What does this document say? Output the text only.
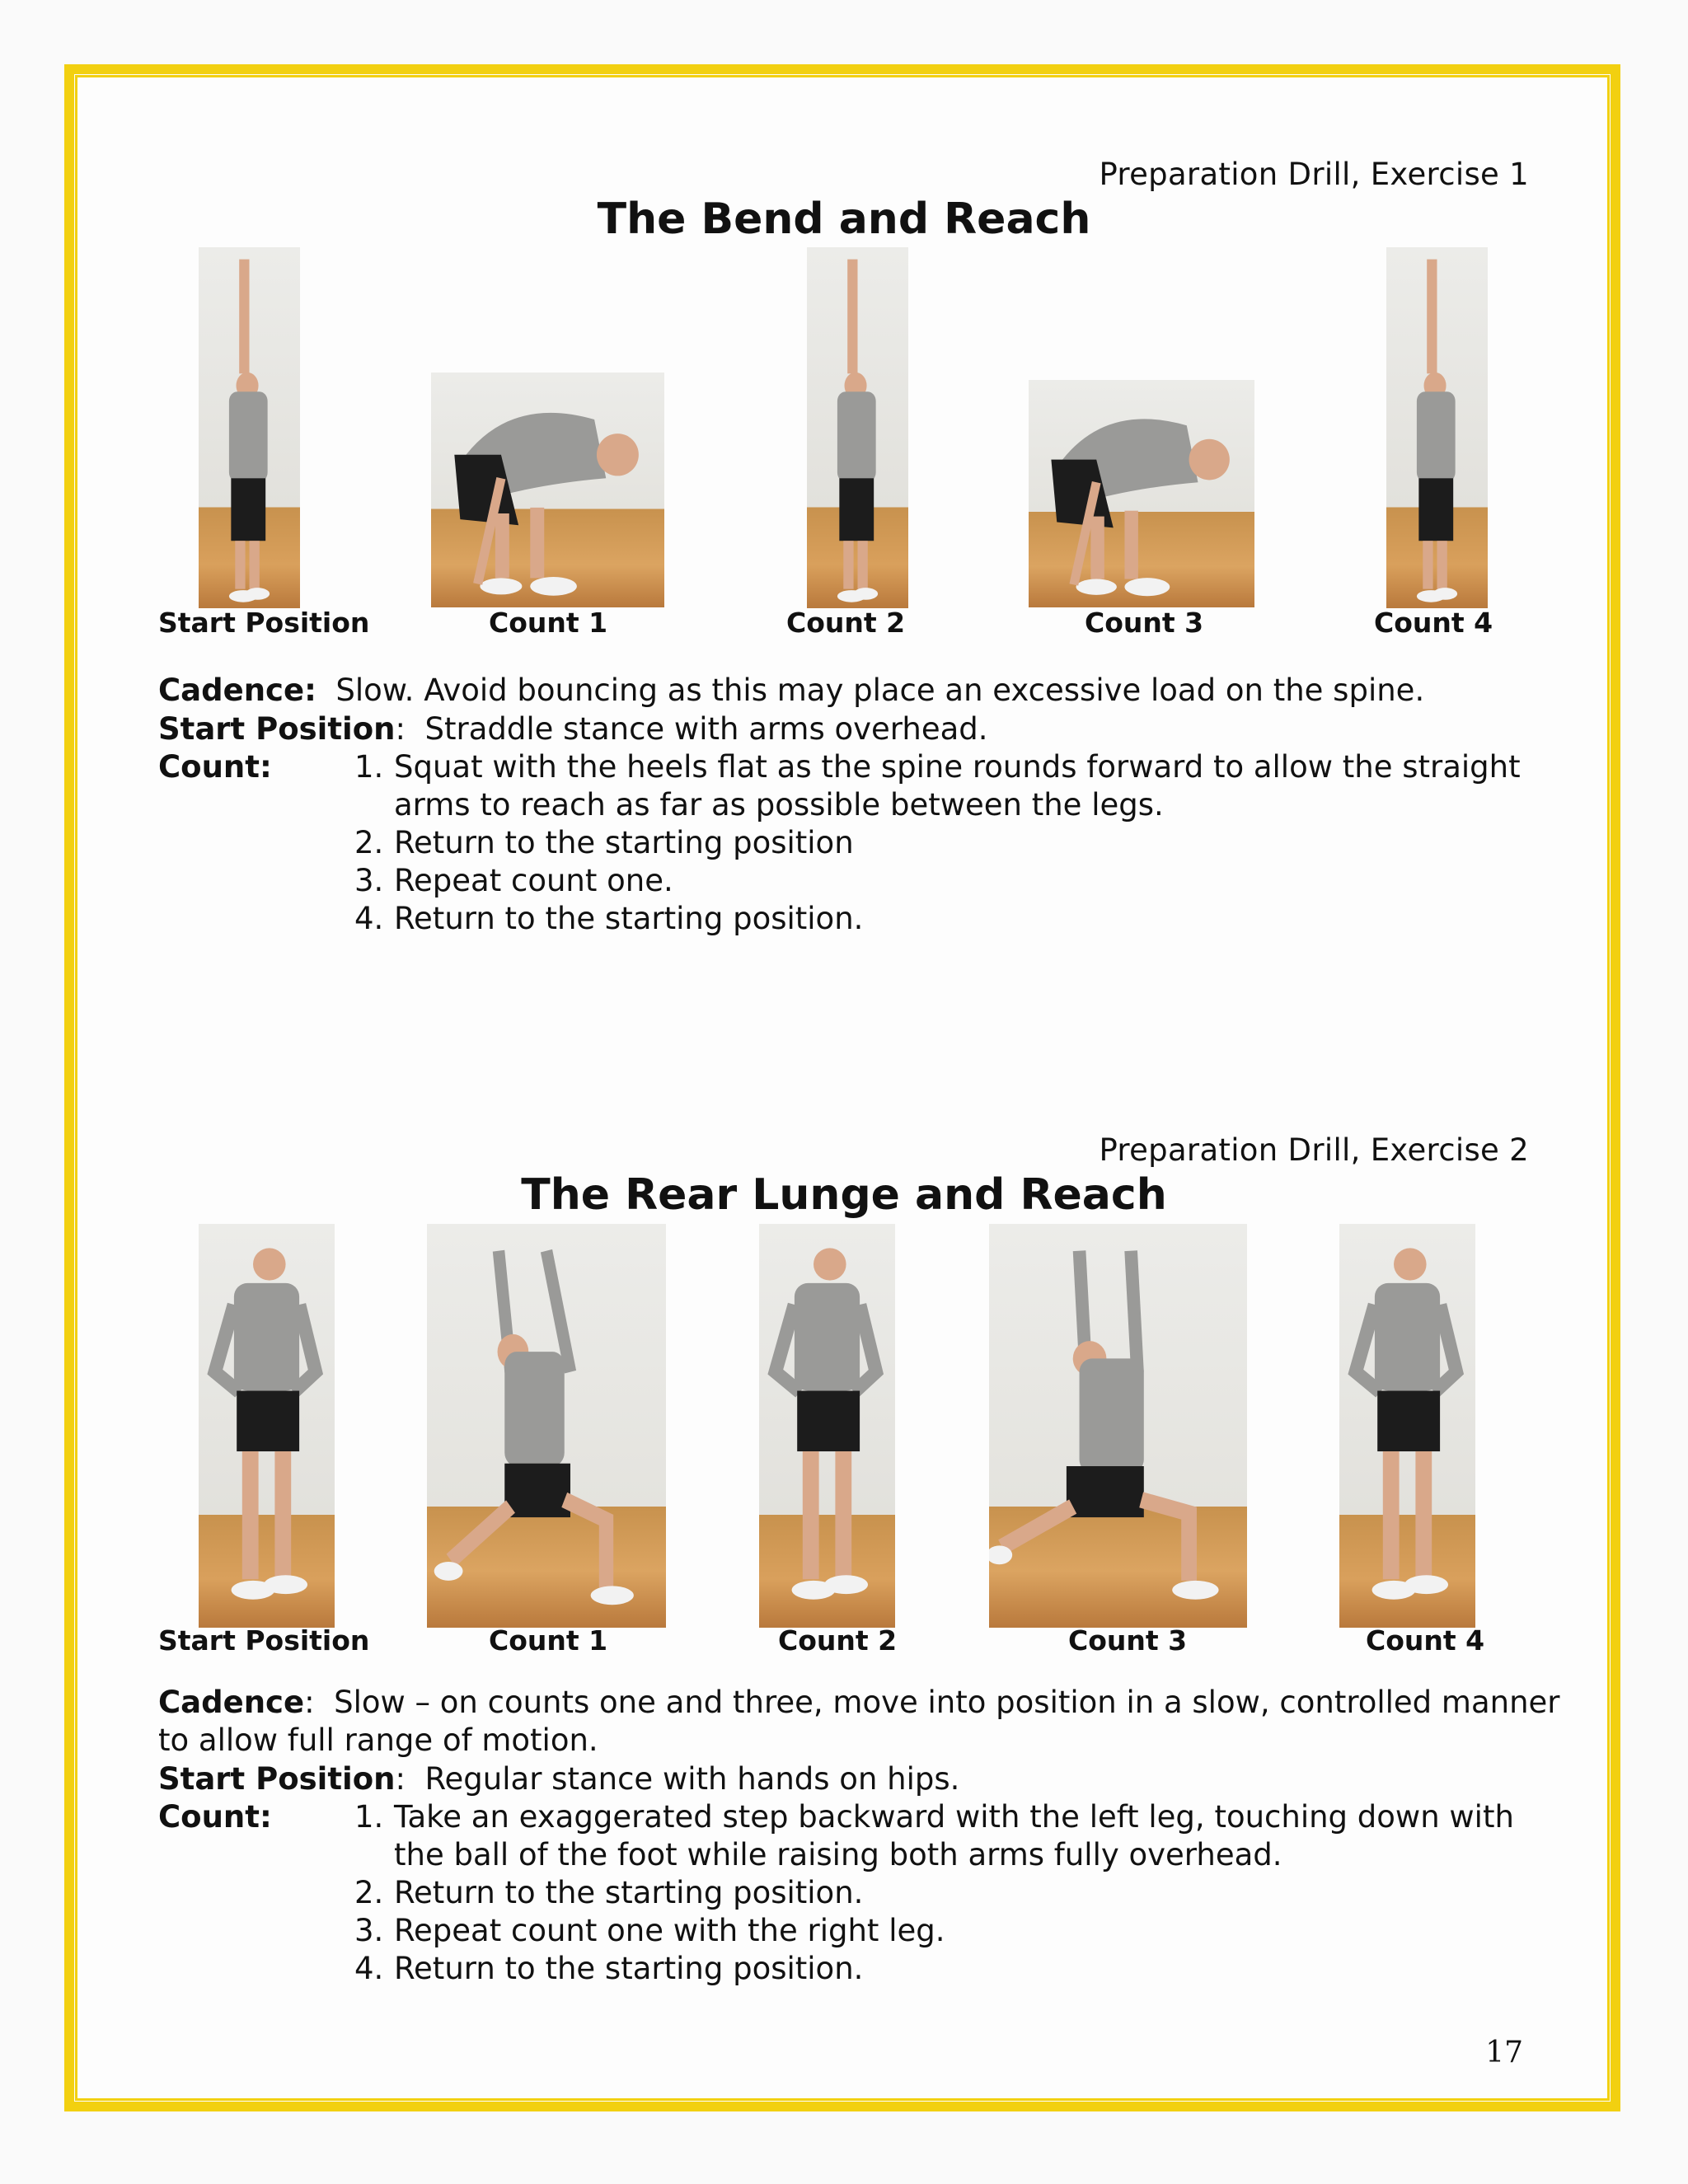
Preparation Drill, Exercise 1
The Bend and Reach
Start Position	Count 1	Count 2	Count 3	Count 4
Cadence: Slow. Avoid bouncing as this may place an excessive load on the spine.
Start Position:  Straddle stance with arms overhead.
Count:	1. Squat with the heels flat as the spine rounds forward to allow the straight
arms to reach as far as possible between the legs.
2. Return to the starting position
3. Repeat count one.
4. Return to the starting position.
Preparation Drill, Exercise 2
The Rear Lunge and Reach
Start Position	Count 1	Count 2	Count 3	Count 4
Cadence:  Slow – on counts one and three, move into position in a slow, controlled manner
to allow full range of motion.
Start Position:  Regular stance with hands on hips.
Count:	1. Take an exaggerated step backward with the left leg, touching down with
the ball of the foot while raising both arms fully overhead.
2. Return to the starting position.
3. Repeat count one with the right leg.
4. Return to the starting position.
17
